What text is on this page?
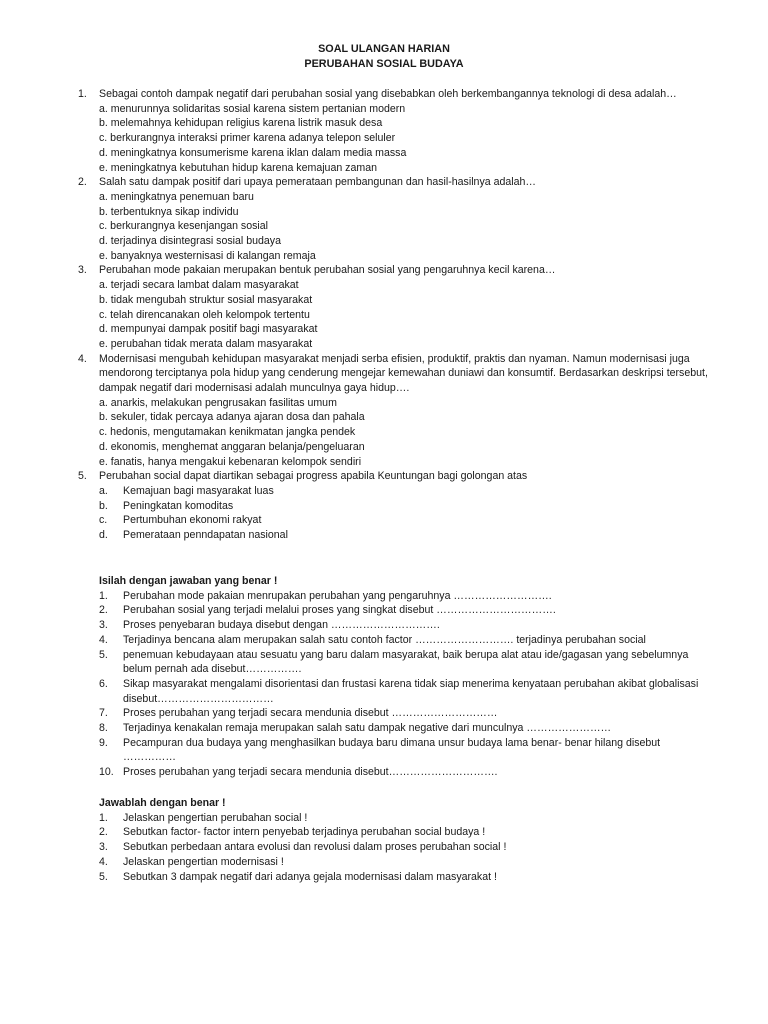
SOAL ULANGAN HARIAN
PERUBAHAN SOSIAL BUDAYA
1. Sebagai contoh dampak negatif dari perubahan sosial yang disebabkan oleh berkembangannya teknologi di desa adalah…
a. menurunnya solidaritas sosial karena sistem pertanian modern
b. melemahnya kehidupan religius karena listrik masuk desa
c. berkurangnya interaksi primer karena adanya telepon seluler
d. meningkatnya konsumerisme karena iklan dalam media massa
e. meningkatnya kebutuhan hidup karena kemajuan zaman
2. Salah satu dampak positif dari upaya pemerataan pembangunan dan hasil-hasilnya adalah…
a. meningkatnya penemuan baru
b. terbentuknya sikap individu
c. berkurangnya kesenjangan sosial
d. terjadinya disintegrasi sosial budaya
e. banyaknya westernisasi di kalangan remaja
3. Perubahan mode pakaian merupakan bentuk perubahan sosial yang pengaruhnya kecil karena…
a. terjadi secara lambat dalam masyarakat
b. tidak mengubah struktur sosial masyarakat
c. telah direncanakan oleh kelompok tertentu
d. mempunyai dampak positif bagi masyarakat
e. perubahan tidak merata dalam masyarakat
4. Modernisasi mengubah kehidupan masyarakat menjadi serba efisien, produktif, praktis dan nyaman. Namun modernisasi juga mendorong terciptanya pola hidup yang cenderung mengejar kemewahan duniawi dan konsumtif. Berdasarkan deskripsi tersebut, dampak negatif dari modernisasi adalah munculnya gaya hidup….
a. anarkis, melakukan pengrusakan fasilitas umum
b. sekuler, tidak percaya adanya ajaran dosa dan pahala
c. hedonis, mengutamakan kenikmatan jangka pendek
d. ekonomis, menghemat anggaran belanja/pengeluaran
e. fanatis, hanya mengakui kebenaran kelompok sendiri
5. Perubahan social dapat diartikan sebagai progress apabila Keuntungan bagi golongan atas
a. Kemajuan bagi masyarakat luas
b. Peningkatan komoditas
c. Pertumbuhan ekonomi rakyat
d. Pemerataan penndapatan nasional
Isilah dengan jawaban yang benar !
1. Perubahan mode pakaian menrupakan perubahan yang pengaruhnya ……………………….
2. Perubahan sosial yang terjadi melalui proses yang singkat disebut …………………………….
3. Proses penyebaran budaya disebut dengan ………………………….
4. Terjadinya bencana alam merupakan salah satu contoh factor ………………………. terjadinya perubahan social
5. penemuan kebudayaan atau sesuatu yang baru dalam masyarakat, baik berupa alat atau ide/gagasan yang sebelumnya belum pernah ada disebut…………….
6. Sikap masyarakat mengalami disorientasi dan frustasi karena tidak siap menerima kenyataan perubahan akibat globalisasi disebut……………………………
7. Proses perubahan yang terjadi secara mendunia disebut …………………………
8. Terjadinya kenakalan remaja merupakan salah satu dampak negative dari munculnya ……………………
9. Pecampuran dua budaya yang menghasilkan budaya baru dimana unsur budaya lama benar- benar hilang disebut ……………
10. Proses perubahan yang terjadi secara mendunia disebut………………………….
Jawablah dengan benar !
1. Jelaskan pengertian perubahan social !
2. Sebutkan factor- factor intern penyebab terjadinya perubahan social budaya !
3. Sebutkan perbedaan antara evolusi dan revolusi dalam proses perubahan social !
4. Jelaskan pengertian modernisasi !
5. Sebutkan 3 dampak negatif dari adanya gejala modernisasi dalam masyarakat !
